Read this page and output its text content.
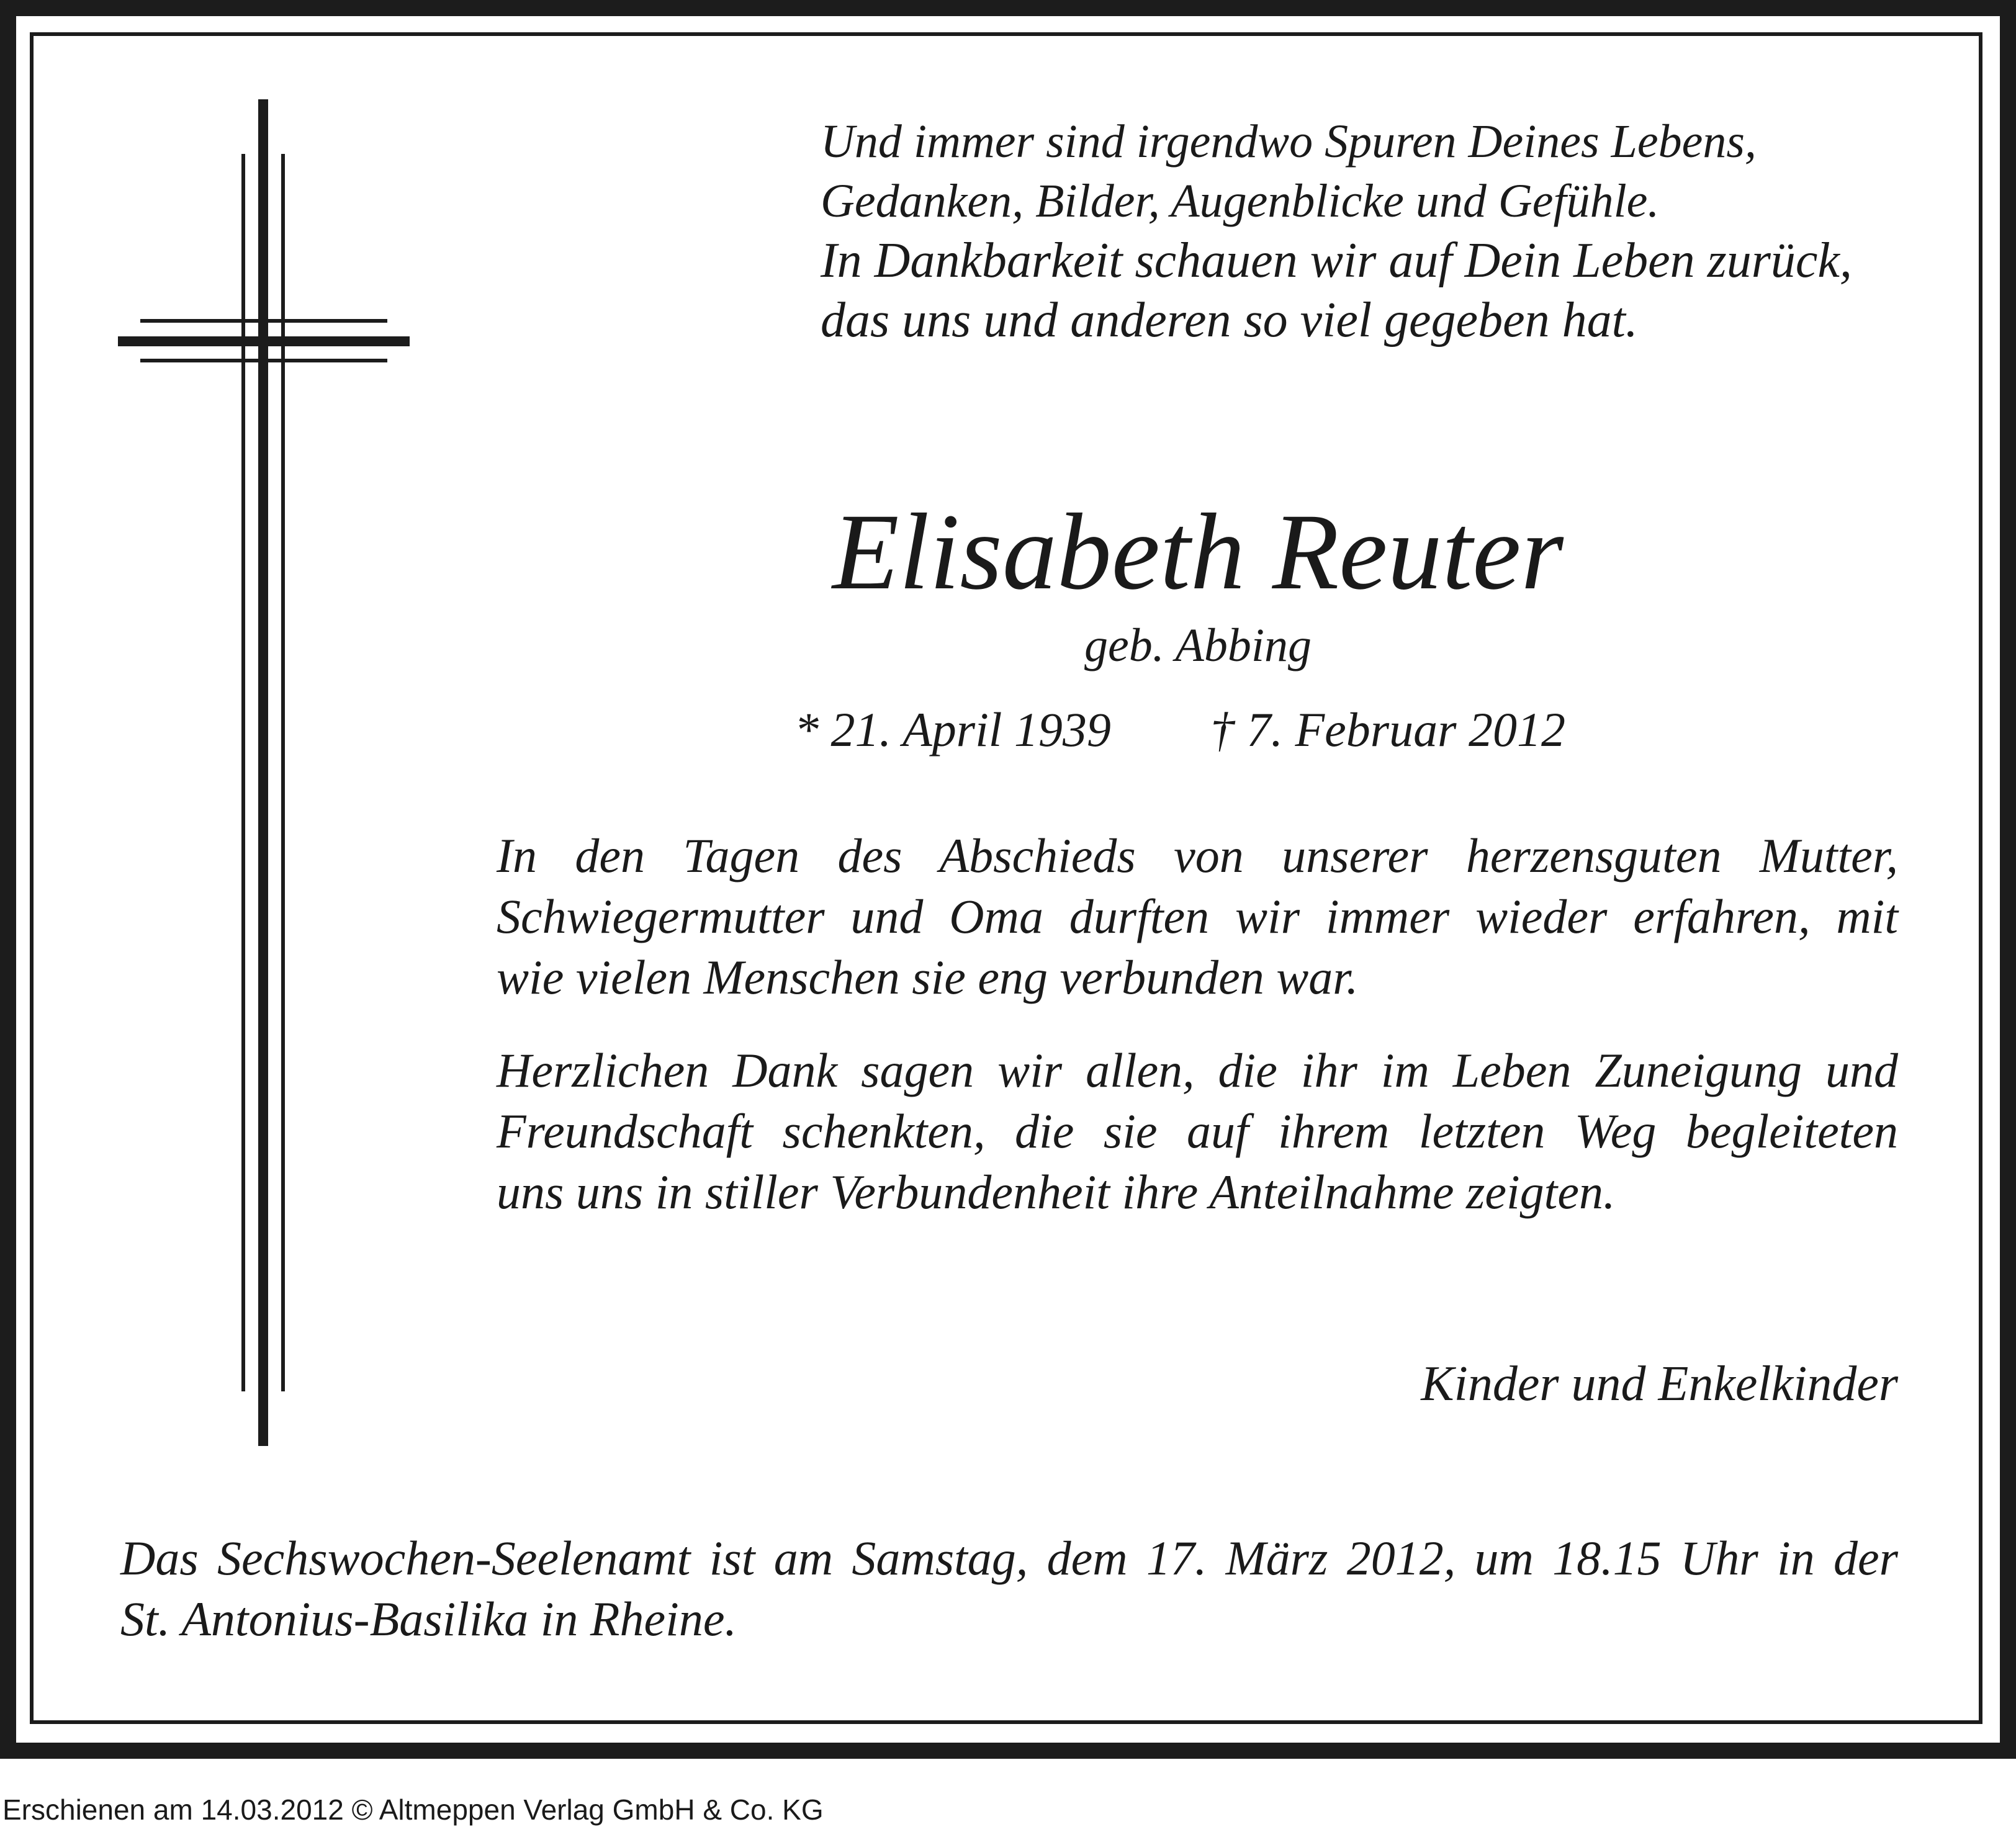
Und immer sind irgendwo Spuren Deines Lebens,
Gedanken, Bilder, Augenblicke und Gefühle.
In Dankbarkeit schauen wir auf Dein Leben zurück,
das uns und anderen so viel gegeben hat.
Elisabeth Reuter
geb. Abbing
* 21. April 1939 † 7. Februar 2012
In den Tagen des Abschieds von unserer herzensguten Mutter,
Schwiegermutter und Oma durften wir immer wieder erfahren, mit
wie vielen Menschen sie eng verbunden war.
Herzlichen Dank sagen wir allen, die ihr im Leben Zuneigung und
Freundschaft schenkten, die sie auf ihrem letzten Weg begleiteten
uns uns in stiller Verbundenheit ihre Anteilnahme zeigten.
Kinder und Enkelkinder
Das Sechswochen-Seelenamt ist am Samstag, dem 17. März 2012, um 18.15 Uhr in der
St. Antonius-Basilika in Rheine.
Erschienen am 14.03.2012 © Altmeppen Verlag GmbH & Co. KG
